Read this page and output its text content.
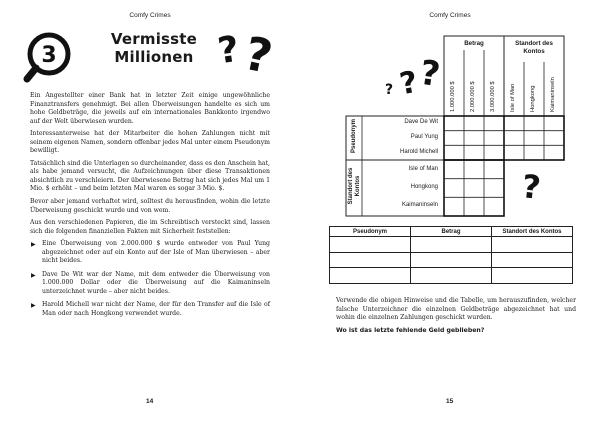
Comfy Crimes
3
Vermisste
Millionen ?
?

Ein Angestellter einer Bank hat in letzter Zeit einige ungewöhnliche Finanztransfers genehmigt. Bei allen Überweisungen handelte es sich um hohe Geldbeträge, die jeweils auf ein internationales Bankkonto irgendwo auf der Welt überwiesen wurden.

Interessanterweise hat der Mitarbeiter die hohen Zahlungen nicht mit seinem eigenen Namen, sondern offenbar jedes Mal unter einem Pseudonym bewilligt.

Tatsächlich sind die Unterlagen so durcheinander, dass es den Anschein hat, als habe jemand versucht, die Aufzeichnungen über diese Transaktionen absichtlich zu verschleiern. Der überwiesene Betrag hat sich jedes Mal um 1 Mio. $ erhöht – und beim letzten Mal waren es sogar 3 Mio. $.

Bevor aber jemand verhaftet wird, solltest du herausfinden, wohin die letzte Überweisung geschickt wurde und von wem.

Aus den verschiedenen Papieren, die im Schreibtisch versteckt sind, lassen sich die folgenden finanziellen Fakten mit Sicherheit feststellen:

▶ Eine Überweisung von 2.000.000 $ wurde entweder von Paul Yung abgezeichnet oder auf ein Konto auf der Isle of Man überwiesen – aber nicht beides.
▶ Dave De Wit war der Name, mit dem entweder die Überweisung von 1.000.000 Dollar oder die Überweisung auf die Kaimaninseln unterzeichnet wurde – aber nicht beides.
▶ Harold Michell war nicht der Name, der für den Transfer auf die Isle of Man oder nach Hongkong verwendet wurde.
14
Comfy Crimes
15
Betrag	Standort des Kontos
1.000.000 $ 2.000.000 $ 3.000.000 $ Isle of Man Hongkong Kaimaninseln
Pseudonym
Standort des Kontos
Dave De Wit
Paul Yung
Harold Michell
Isle of Man
Hongkong
Kaimaninseln
?
?
?
?
Pseudonym	Betrag	Standort des Kontos

Verwende die obigen Hinweise und die Tabelle, um herauszufinden, welcher falsche Unterzeichner die einzelnen Geldbeträge abgezeichnet hat und wohin die einzelnen Zahlungen geschickt wurden.

Wo ist das letzte fehlende Geld geblieben?
